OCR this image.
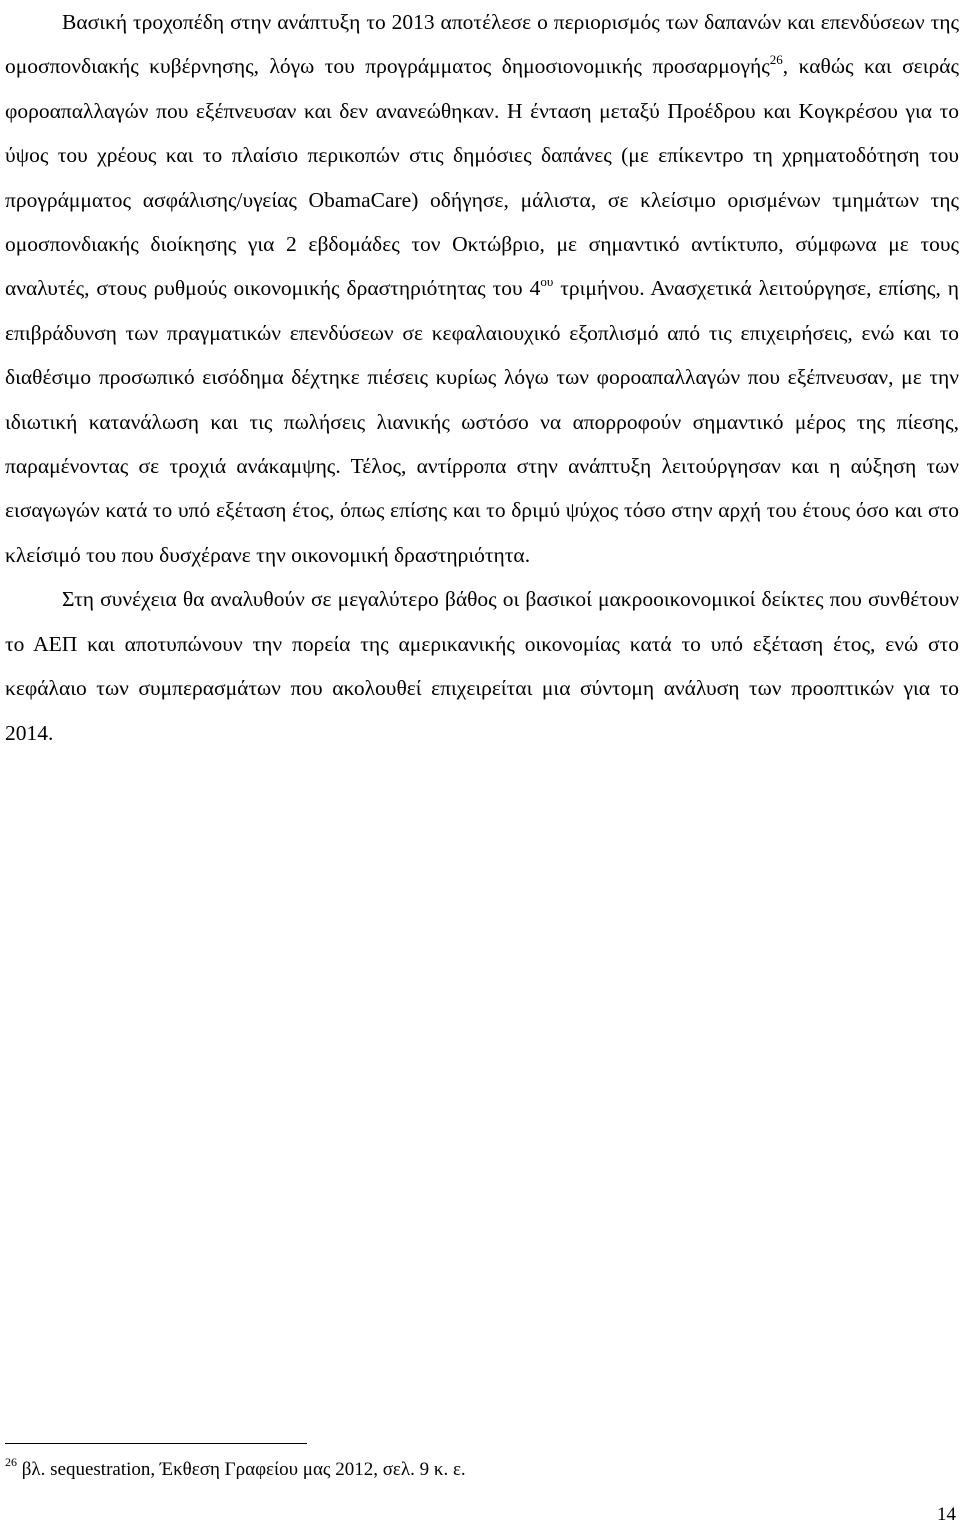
Βασική τροχοπέδη στην ανάπτυξη το 2013 αποτέλεσε ο περιορισμός των δαπανών και επενδύσεων της ομοσπονδιακής κυβέρνησης, λόγω του προγράμματος δημοσιονομικής προσαρμογής$^{26}$, καθώς και σειράς φοροαπαλλαγών που εξέπνευσαν και δεν ανανεώθηκαν. Η ένταση μεταξύ Προέδρου και Κογκρέσου για το ύψος του χρέους και το πλαίσιο περικοπών στις δημόσιες δαπάνες (με επίκεντρο τη χρηματοδότηση του προγράμματος ασφάλισης/υγείας ObamaCare) οδήγησε, μάλιστα, σε κλείσιμο ορισμένων τμημάτων της ομοσπονδιακής διοίκησης για 2 εβδομάδες τον Οκτώβριο, με σημαντικό αντίκτυπο, σύμφωνα με τους αναλυτές, στους ρυθμούς οικονομικής δραστηριότητας του $4^{o\upsilon}$ τριμήνου. Ανασχετικά λειτούργησε, επίσης, η επιβράδυνση των πραγματικών επενδύσεων σε κεφαλαιουχικό εξοπλισμό από τις επιχειρήσεις, ενώ και το διαθέσιμο προσωπικό εισόδημα δέχτηκε πιέσεις κυρίως λόγω των φοροαπαλλαγών που εξέπνευσαν, με την ιδιωτική κατανάλωση και τις πωλήσεις λιανικής ωστόσο να απορροφούν σημαντικό μέρος της πίεσης, παραμένοντας σε τροχιά ανάκαμψης. Τέλος, αντίρροπα στην ανάπτυξη λειτούργησαν και η αύξηση των εισαγωγών κατά το υπό εξέταση έτος, όπως επίσης και το δριμύ ψύχος τόσο στην αρχή του έτους όσο και στο κλείσιμό του που δυσχέρανε την οικονομική δραστηριότητα.

Στη συνέχεια θα αναλυθούν σε μεγαλύτερο βάθος οι βασικοί μακροοικονομικοί δείκτες που συνθέτουν το ΑΕΠ και αποτυπώνουν την πορεία της αμερικανικής οικονομίας κατά το υπό εξέταση έτος, ενώ στο κεφάλαιο των συμπερασμάτων που ακολουθεί επιχειρείται μια σύντομη ανάλυση των προοπτικών για το 2014.

$^{26}$ βλ. sequestration, Έκθεση Γραφείου μας 2012, σελ. 9 κ. ε.
14
